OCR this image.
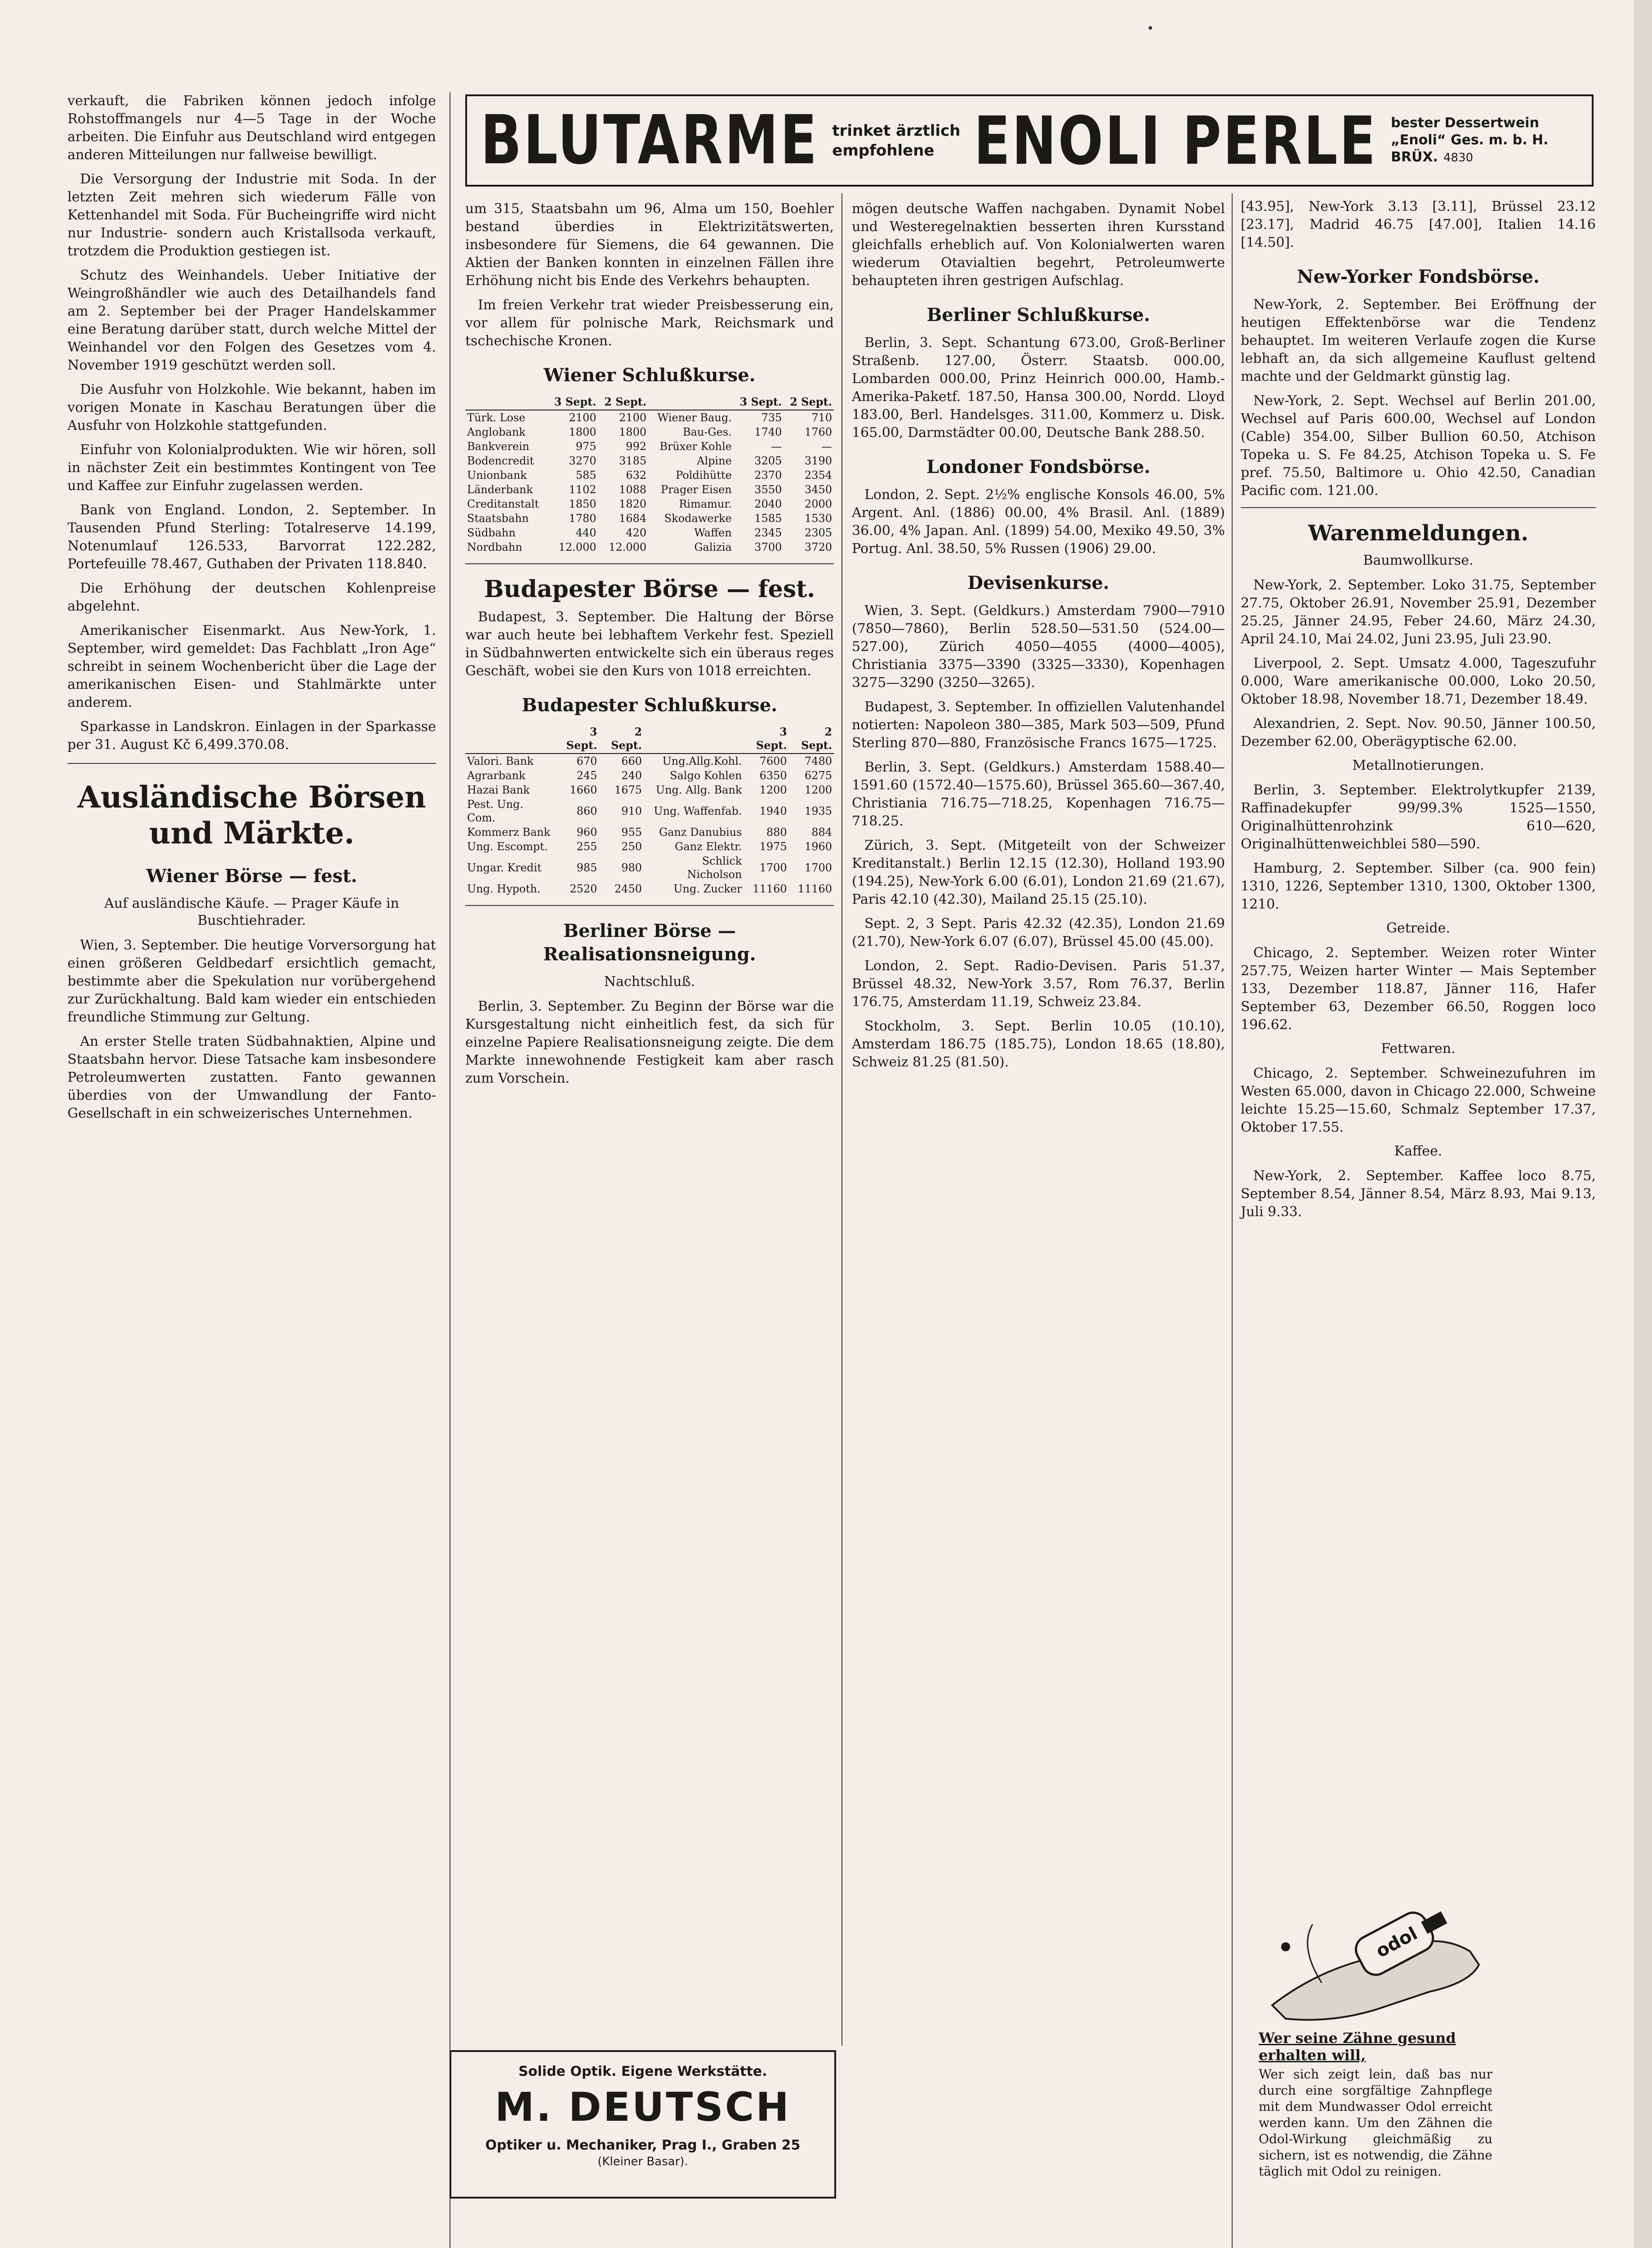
BLUTARME trinket ärztlich
empfohlene ENOLI PERLE bester Dessertwein
„Enoli“ Ges. m. b. H.
BRÜX. 4830

verkauft, die Fabriken können jedoch infolge Rohstoffmangels nur 4—5 Tage in der Woche arbeiten. Die Einfuhr aus Deutschland wird entgegen anderen Mitteilungen nur fallweise bewilligt.

Die Versorgung der Industrie mit Soda. In der letzten Zeit mehren sich wiederum Fälle von Kettenhandel mit Soda. Für Bucheingriffe wird nicht nur Industrie- sondern auch Kristallsoda verkauft, trotzdem die Produktion gestiegen ist.

Schutz des Weinhandels. Ueber Initiative der Weingroßhändler wie auch des Detailhandels fand am 2. September bei der Prager Handelskammer eine Beratung darüber statt, durch welche Mittel der Weinhandel vor den Folgen des Gesetzes vom 4. November 1919 geschützt werden soll.

Die Ausfuhr von Holzkohle. Wie bekannt, haben im vorigen Monate in Kaschau Beratungen über die Ausfuhr von Holzkohle stattgefunden.

Einfuhr von Kolonialprodukten. Wie wir hören, soll in nächster Zeit ein bestimmtes Kontingent von Tee und Kaffee zur Einfuhr zugelassen werden.

Bank von England. London, 2. September. In Tausenden Pfund Sterling: Totalreserve 14.199, Notenumlauf 126.533, Barvorrat 122.282, Portefeuille 78.467, Guthaben der Privaten 118.840.

Die Erhöhung der deutschen Kohlenpreise abgelehnt.

Amerikanischer Eisenmarkt. Aus New-York, 1. September, wird gemeldet: Das Fachblatt „Iron Age“ schreibt in seinem Wochenbericht über die Lage der amerikanischen Eisen- und Stahlmärkte unter anderem.

Sparkasse in Landskron. Einlagen in der Sparkasse per 31. August Kč 6,499.370.08.

Ausländische Börsen und Märkte.
Wiener Börse — fest.
Auf ausländische Käufe. — Prager Käufe in Buschtiehrader.

Wien, 3. September. Die heutige Vorversorgung hat einen größeren Geldbedarf ersichtlich gemacht, bestimmte aber die Spekulation nur vorübergehend zur Zurückhaltung. Bald kam wieder ein entschieden freundliche Stimmung zur Geltung.

An erster Stelle traten Südbahnaktien, Alpine und Staatsbahn hervor. Diese Tatsache kam insbesondere Petroleumwerten zustatten. Fanto gewannen überdies von der Umwandlung der Fanto-Gesellschaft in ein schweizerisches Unternehmen.

um 315, Staatsbahn um 96, Alma um 150, Boehler bestand überdies in Elektrizitätswerten, insbesondere für Siemens, die 64 gewannen. Die Aktien der Banken konnten in einzelnen Fällen ihre Erhöhung nicht bis Ende des Verkehrs behaupten.

Im freien Verkehr trat wieder Preisbesserung ein, vor allem für polnische Mark, Reichsmark und tschechische Kronen.

Wiener Schlußkurse.
	3 Sept.	2 Sept.		3 Sept.	2 Sept.
Türk. Lose	2100	2100	Wiener Baug.	735	710
Anglobank	1800	1800	Bau-Ges.	1740	1760
Bankverein	975	992	Brüxer Kohle	—	—
Bodencredit	3270	3185	Alpine	3205	3190
Unionbank	585	632	Poldihütte	2370	2354
Länderbank	1102	1088	Prager Eisen	3550	3450
Creditanstalt	1850	1820	Rimamur.	2040	2000
Staatsbahn	1780	1684	Skodawerke	1585	1530
Südbahn	440	420	Waffen	2345	2305
Nordbahn	12.000	12.000	Galizia	3700	3720
Budapester Börse — fest.

Budapest, 3. September. Die Haltung der Börse war auch heute bei lebhaftem Verkehr fest. Speziell in Südbahnwerten entwickelte sich ein überaus reges Geschäft, wobei sie den Kurs von 1018 erreichten.

Budapester Schlußkurse.
	3 Sept.	2 Sept.		3 Sept.	2 Sept.
Valori. Bank	670	660	Ung.Allg.Kohl.	7600	7480
Agrarbank	245	240	Salgo Kohlen	6350	6275
Hazai Bank	1660	1675	Ung. Allg. Bank	1200	1200
Pest. Ung. Com.	860	910	Ung. Waffenfab.	1940	1935
Kommerz Bank	960	955	Ganz Danubius	880	884
Ung. Escompt.	255	250	Ganz Elektr.	1975	1960
Ungar. Kredit	985	980	Schlick Nicholson	1700	1700
Ung. Hypoth.	2520	2450	Ung. Zucker	11160	11160
Berliner Börse — Realisationsneigung.
Nachtschluß.

Berlin, 3. September. Zu Beginn der Börse war die Kursgestaltung nicht einheitlich fest, da sich für einzelne Papiere Realisationsneigung zeigte. Die dem Markte innewohnende Festigkeit kam aber rasch zum Vorschein.

Solide Optik. Eigene Werkstätte.
M. DEUTSCH
Optiker u. Mechaniker, Prag I., Graben 25
(Kleiner Basar).

mögen deutsche Waffen nachgaben. Dynamit Nobel und Westeregelnaktien besserten ihren Kursstand gleichfalls erheblich auf. Von Kolonialwerten waren wiederum Otavialtien begehrt, Petroleumwerte behaupteten ihren gestrigen Aufschlag.

Berliner Schlußkurse.

Berlin, 3. Sept. Schantung 673.00, Groß-Berliner Straßenb. 127.00, Österr. Staatsb. 000.00, Lombarden 000.00, Prinz Heinrich 000.00, Hamb.-Amerika-Paketf. 187.50, Hansa 300.00, Nordd. Lloyd 183.00, Berl. Handelsges. 311.00, Kommerz u. Disk. 165.00, Darmstädter 00.00, Deutsche Bank 288.50.

Londoner Fondsbörse.

London, 2. Sept. 2½% englische Konsols 46.00, 5% Argent. Anl. (1886) 00.00, 4% Brasil. Anl. (1889) 36.00, 4% Japan. Anl. (1899) 54.00, Mexiko 49.50, 3% Portug. Anl. 38.50, 5% Russen (1906) 29.00.

Devisenkurse.

Wien, 3. Sept. (Geldkurs.) Amsterdam 7900—7910 (7850—7860), Berlin 528.50—531.50 (524.00—527.00), Zürich 4050—4055 (4000—4005), Christiania 3375—3390 (3325—3330), Kopenhagen 3275—3290 (3250—3265).

Budapest, 3. September. In offiziellen Valutenhandel notierten: Napoleon 380—385, Mark 503—509, Pfund Sterling 870—880, Französische Francs 1675—1725.

Berlin, 3. Sept. (Geldkurs.) Amsterdam 1588.40—1591.60 (1572.40—1575.60), Brüssel 365.60—367.40, Christiania 716.75—718.25, Kopenhagen 716.75—718.25.

Zürich, 3. Sept. (Mitgeteilt von der Schweizer Kreditanstalt.) Berlin 12.15 (12.30), Holland 193.90 (194.25), New-York 6.00 (6.01), London 21.69 (21.67), Paris 42.10 (42.30), Mailand 25.15 (25.10).

Sept. 2, 3 Sept. Paris 42.32 (42.35), London 21.69 (21.70), New-York 6.07 (6.07), Brüssel 45.00 (45.00).

London, 2. Sept. Radio-Devisen. Paris 51.37, Brüssel 48.32, New-York 3.57, Rom 76.37, Berlin 176.75, Amsterdam 11.19, Schweiz 23.84.

Stockholm, 3. Sept. Berlin 10.05 (10.10), Amsterdam 186.75 (185.75), London 18.65 (18.80), Schweiz 81.25 (81.50).

[43.95], New-York 3.13 [3.11], Brüssel 23.12 [23.17], Madrid 46.75 [47.00], Italien 14.16 [14.50].

New-Yorker Fondsbörse.

New-York, 2. September. Bei Eröffnung der heutigen Effektenbörse war die Tendenz behauptet. Im weiteren Verlaufe zogen die Kurse lebhaft an, da sich allgemeine Kauflust geltend machte und der Geldmarkt günstig lag.

New-York, 2. Sept. Wechsel auf Berlin 201.00, Wechsel auf Paris 600.00, Wechsel auf London (Cable) 354.00, Silber Bullion 60.50, Atchison Topeka u. S. Fe 84.25, Atchison Topeka u. S. Fe pref. 75.50, Baltimore u. Ohio 42.50, Canadian Pacific com. 121.00.

Warenmeldungen.
Baumwollkurse.

New-York, 2. September. Loko 31.75, September 27.75, Oktober 26.91, November 25.91, Dezember 25.25, Jänner 24.95, Feber 24.60, März 24.30, April 24.10, Mai 24.02, Juni 23.95, Juli 23.90.

Liverpool, 2. Sept. Umsatz 4.000, Tageszufuhr 0.000, Ware amerikanische 00.000, Loko 20.50, Oktober 18.98, November 18.71, Dezember 18.49.

Alexandrien, 2. Sept. Nov. 90.50, Jänner 100.50, Dezember 62.00, Oberägyptische 62.00.

Metallnotierungen.

Berlin, 3. September. Elektrolytkupfer 2139, Raffinadekupfer 99/99.3% 1525—1550, Originalhüttenrohzink 610—620, Originalhüttenweichblei 580—590.

Hamburg, 2. September. Silber (ca. 900 fein) 1310, 1226, September 1310, 1300, Oktober 1300, 1210.

Getreide.

Chicago, 2. September. Weizen roter Winter 257.75, Weizen harter Winter — Mais September 133, Dezember 118.87, Jänner 116, Hafer September 63, Dezember 66.50, Roggen loco 196.62.

Fettwaren.

Chicago, 2. September. Schweinezufuhren im Westen 65.000, davon in Chicago 22.000, Schweine leichte 15.25—15.60, Schmalz September 17.37, Oktober 17.55.

Kaffee.

New-York, 2. September. Kaffee loco 8.75, September 8.54, Jänner 8.54, März 8.93, Mai 9.13, Juli 9.33.

odol
Wer seine Zähne gesund erhalten will,
Wer sich zeigt lein, daß bas nur durch eine sorgfältige Zahnpflege mit dem Mundwasser Odol erreicht werden kann. Um den Zähnen die Odol-Wirkung gleichmäßig zu sichern, ist es notwendig, die Zähne täglich mit Odol zu reinigen.
